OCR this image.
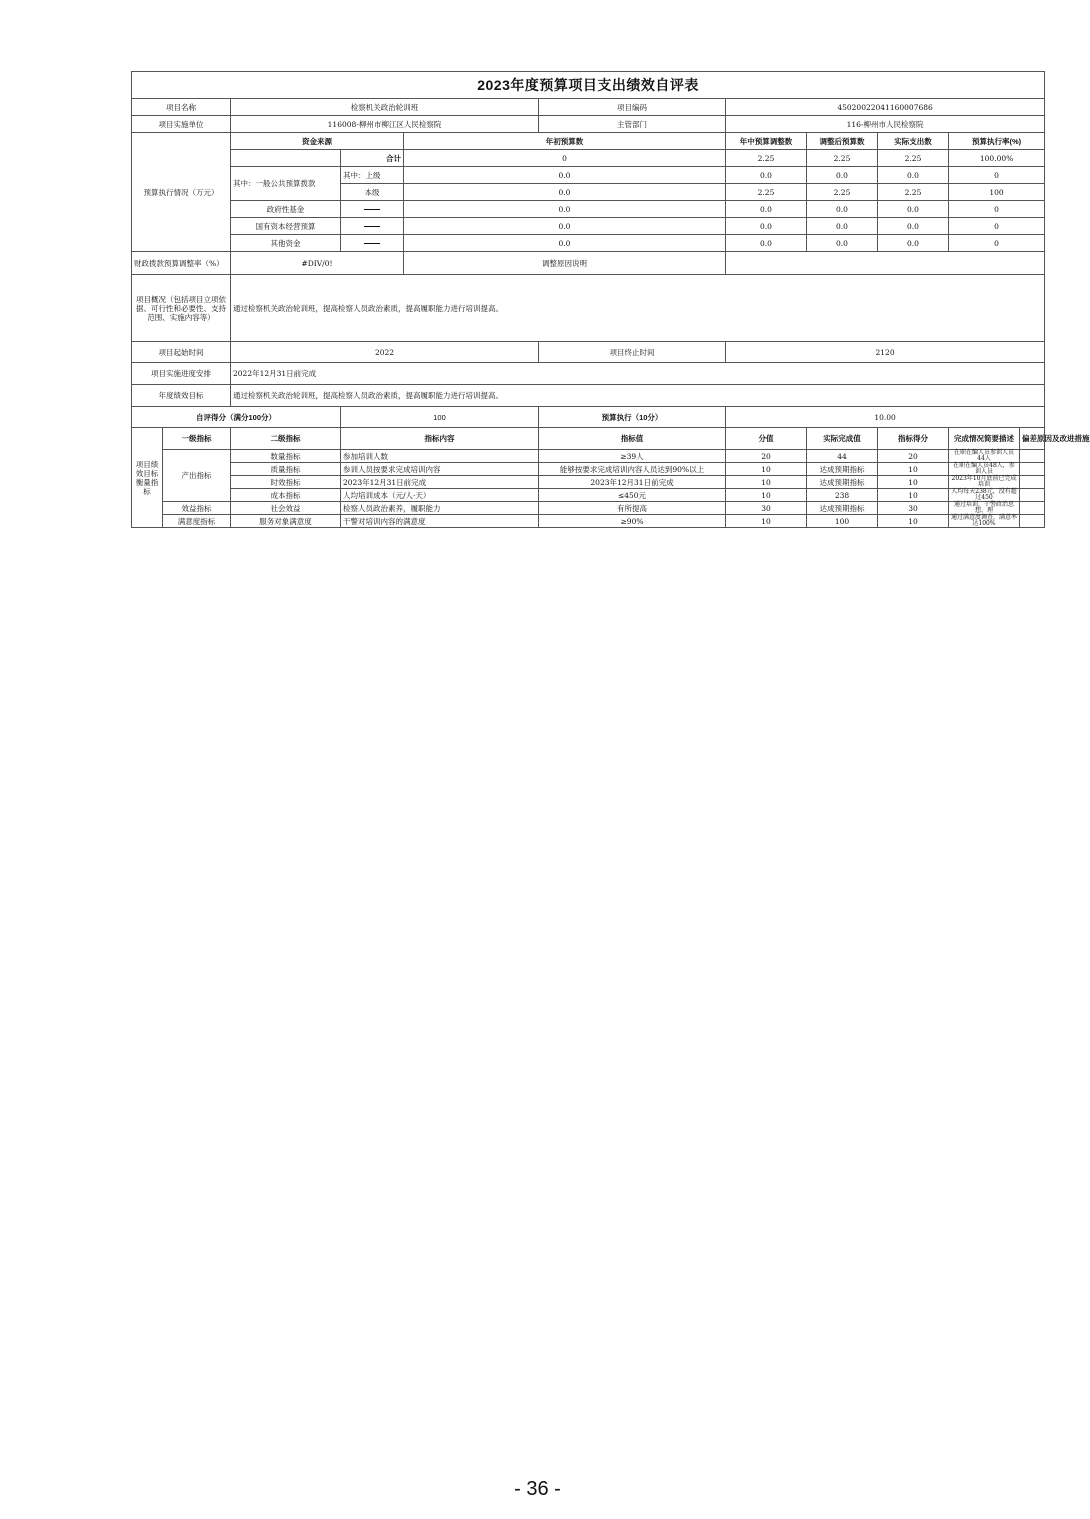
2023年度预算项目支出绩效自评表										
项目名称		检察机关政治轮训班			项目编码	45020022041160007686				
项目实施单位		116008-柳州市柳江区人民检察院			主管部门	116-柳州市人民检察院				
预算执行情况（万元）		资金来源		年初预算数		年中预算调整数	调整后预算数	实际支出数	预算执行率(%)	
			合计	0		2.25	2.25	2.25	100.00%	
		其中：一般公共预算拨款	其中：上级	0.0		0.0	0.0	0.0	0	
			本级	0.0		2.25	2.25	2.25	100	
		政府性基金		0.0		0.0	0.0	0.0	0	
		国有资本经营预算		0.0		0.0	0.0	0.0	0	
		其他资金		0.0		0.0	0.0	0.0	0	
财政拨款预算调整率（%）		#DIV/0!		调整原因说明						
项目概况（包括项目立项依据、可行性和必要性、支持范围、实施内容等）		通过检察机关政治轮训班，提高检察人员政治素质，提高履职能力进行培训提高。								
项目起始时间		2022			项目终止时间	2120				
项目实施进度安排		2022年12月31日前完成								
年度绩效目标		通过检察机关政治轮训班，提高检察人员政治素质，提高履职能力进行培训提高。								
自评得分（满分100分）			100		预算执行（10分）	10.00				
项目绩效目标衡量指标	一级指标	二级指标	指标内容		指标值	分值	实际完成值	指标得分	完成情况简要描述	偏差原因及改进措施
	产出指标	数量指标	参加培训人数		≥39人	20	44	20	在职在编人员参训人员44人	
		质量指标	参训人员按要求完成培训内容		能够按要求完成培训内容人员达到90%以上	10	达成预期指标	10	在职在编人员48人，参训人员	
		时效指标	2023年12月31日前完成		2023年12月31日前完成	10	达成预期指标	10	2023年10月底前已完成培训	
		成本指标	人均培训成本（元/人·天）		≤450元	10	238	10	人均每天238元，没有超过450	
	效益指标	社会效益	检察人员政治素养，履职能力		有所提高	30	达成预期指标	30	通过培训，干警政治思想、理	
	满意度指标	服务对象满意度	干警对培训内容的满意度		≥90%	10	100	10	通过满意度调查，满意率达100%	
- 36 -
